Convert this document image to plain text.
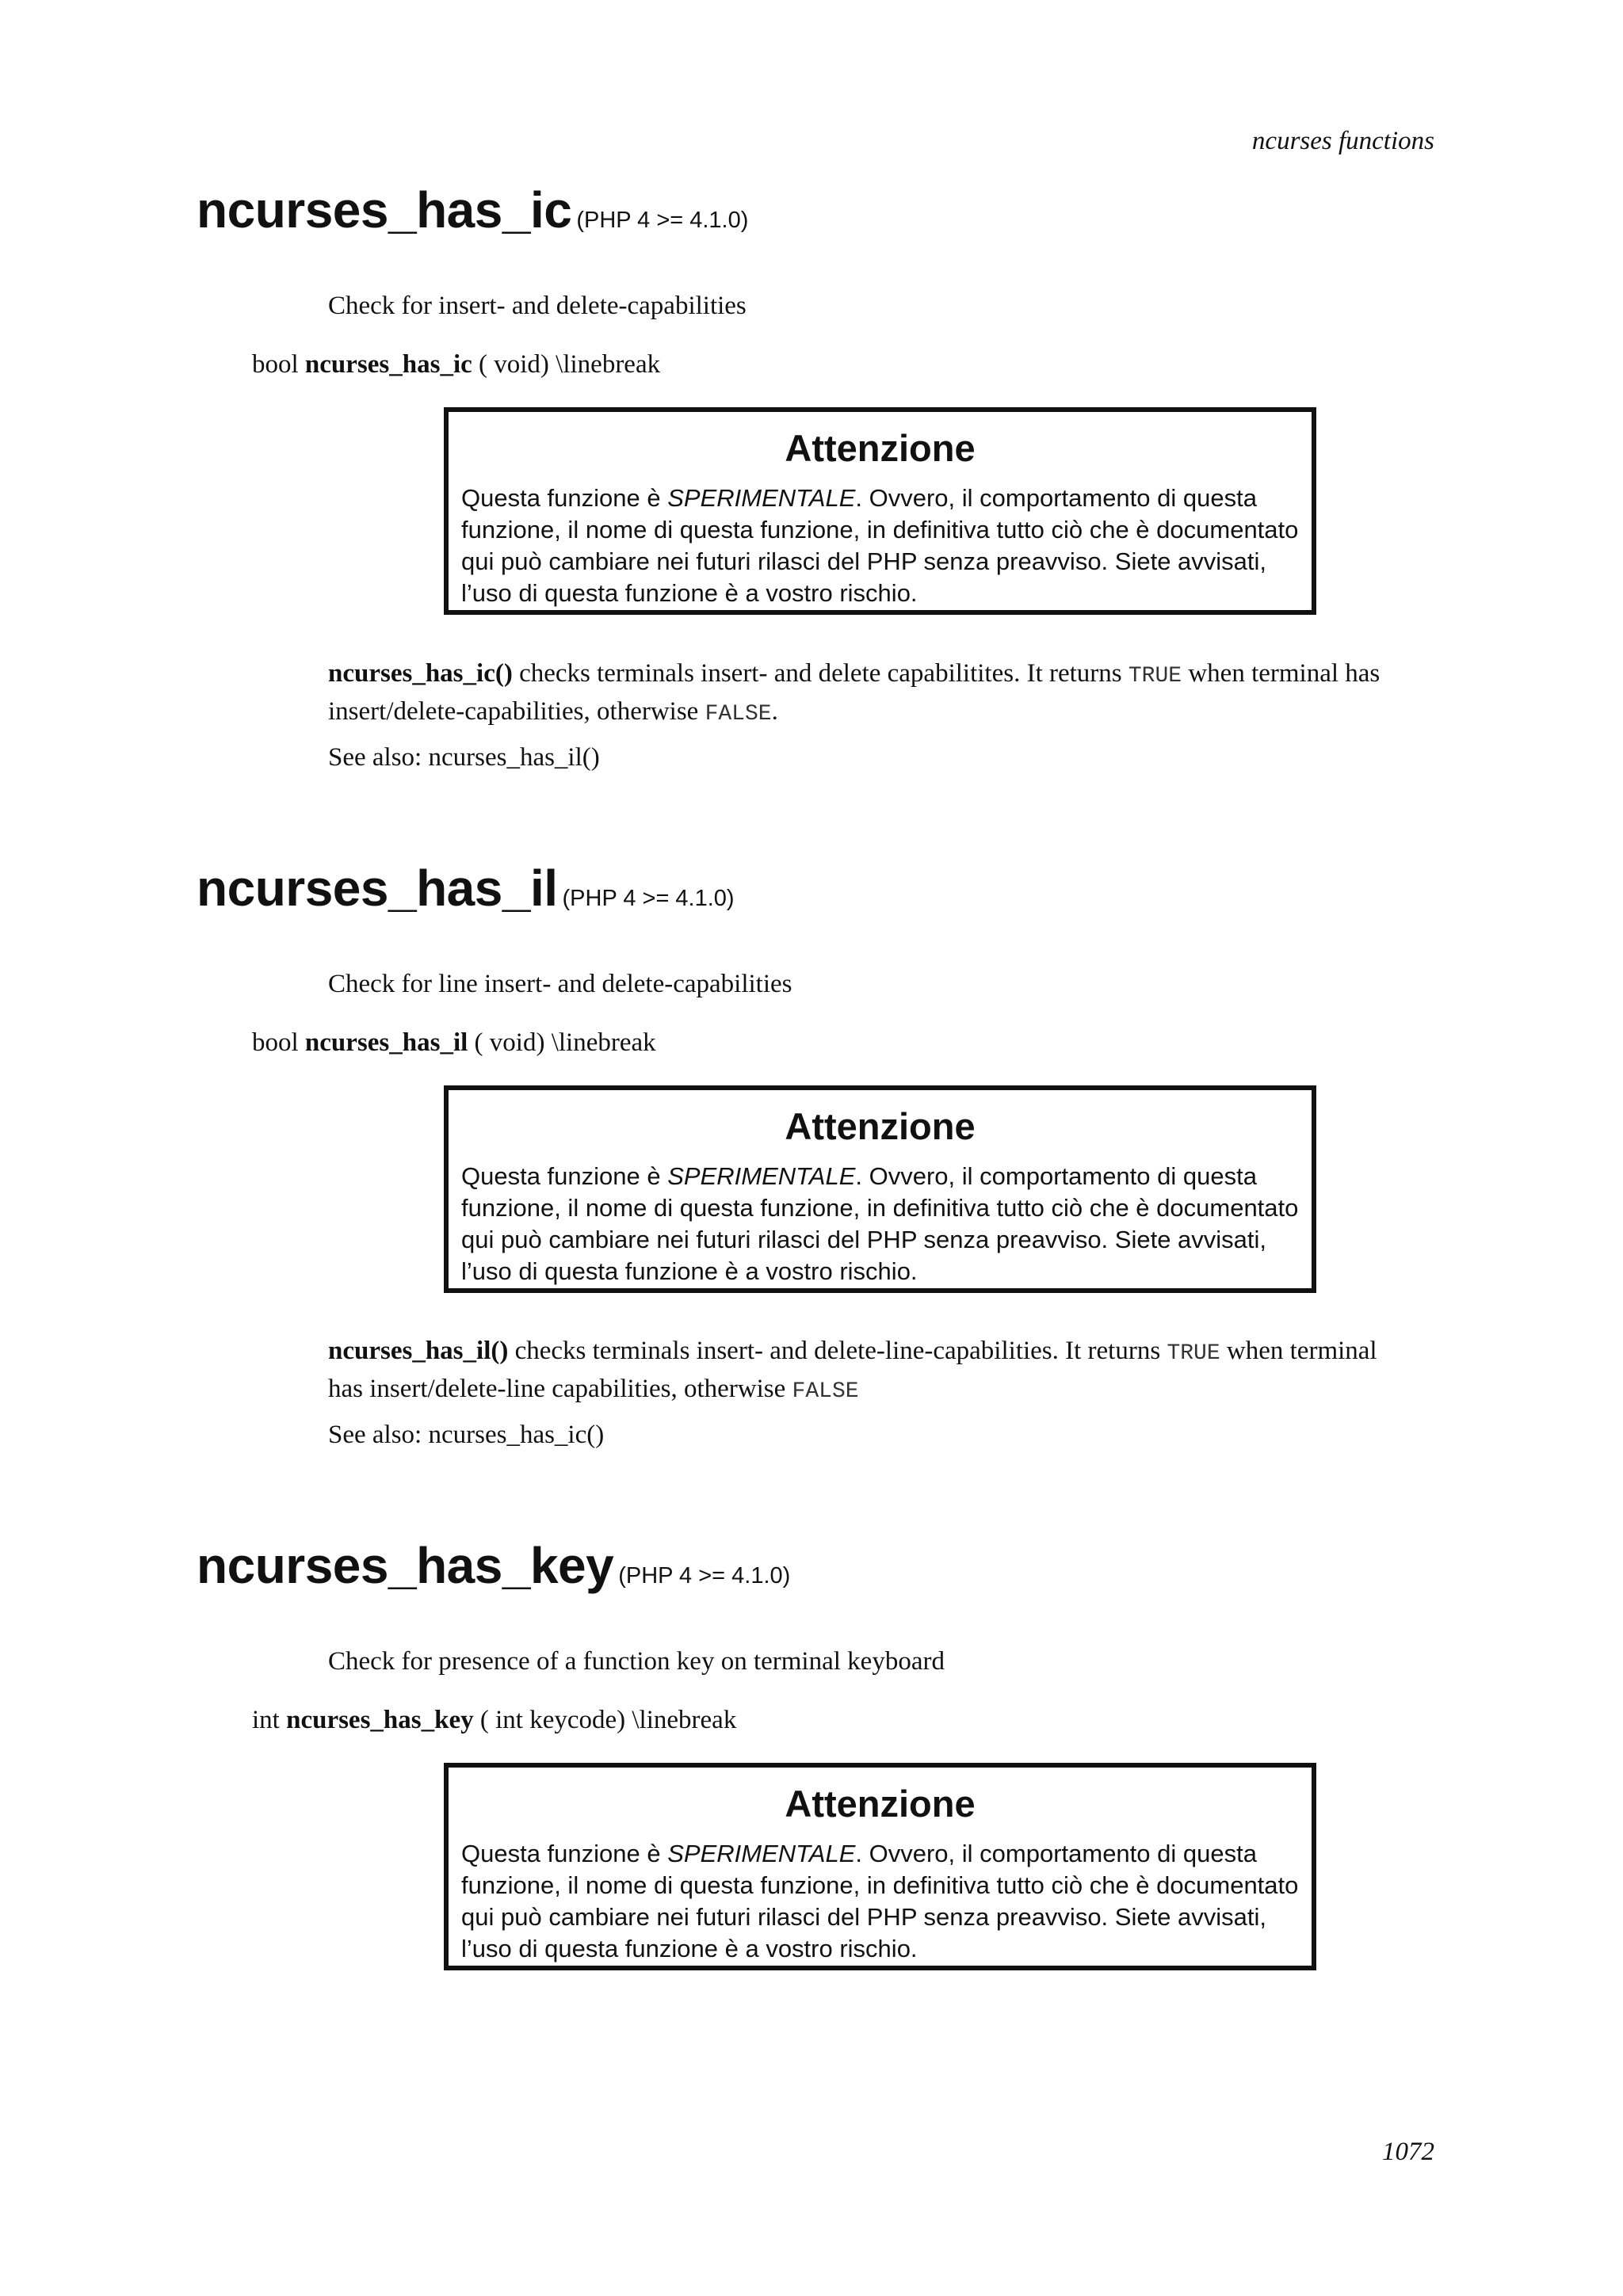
ncurses functions
ncurses_has_ic (PHP 4 >= 4.1.0)
Check for insert- and delete-capabilities
bool ncurses_has_ic ( void) \linebreak
Attenzione
Questa funzione è SPERIMENTALE. Ovvero, il comportamento di questa
funzione, il nome di questa funzione, in definitiva tutto ciò che è documentato
qui può cambiare nei futuri rilasci del PHP senza preavviso. Siete avvisati,
l’uso di questa funzione è a vostro rischio.
ncurses_has_ic() checks terminals insert- and delete capabilitites. It returns TRUE when terminal has
insert/delete-capabilities, otherwise FALSE.
See also: ncurses_has_il()
ncurses_has_il (PHP 4 >= 4.1.0)
Check for line insert- and delete-capabilities
bool ncurses_has_il ( void) \linebreak
Attenzione
Questa funzione è SPERIMENTALE. Ovvero, il comportamento di questa
funzione, il nome di questa funzione, in definitiva tutto ciò che è documentato
qui può cambiare nei futuri rilasci del PHP senza preavviso. Siete avvisati,
l’uso di questa funzione è a vostro rischio.
ncurses_has_il() checks terminals insert- and delete-line-capabilities. It returns TRUE when terminal
has insert/delete-line capabilities, otherwise FALSE
See also: ncurses_has_ic()
ncurses_has_key (PHP 4 >= 4.1.0)
Check for presence of a function key on terminal keyboard
int ncurses_has_key ( int keycode) \linebreak
Attenzione
Questa funzione è SPERIMENTALE. Ovvero, il comportamento di questa
funzione, il nome di questa funzione, in definitiva tutto ciò che è documentato
qui può cambiare nei futuri rilasci del PHP senza preavviso. Siete avvisati,
l’uso di questa funzione è a vostro rischio.
1072
